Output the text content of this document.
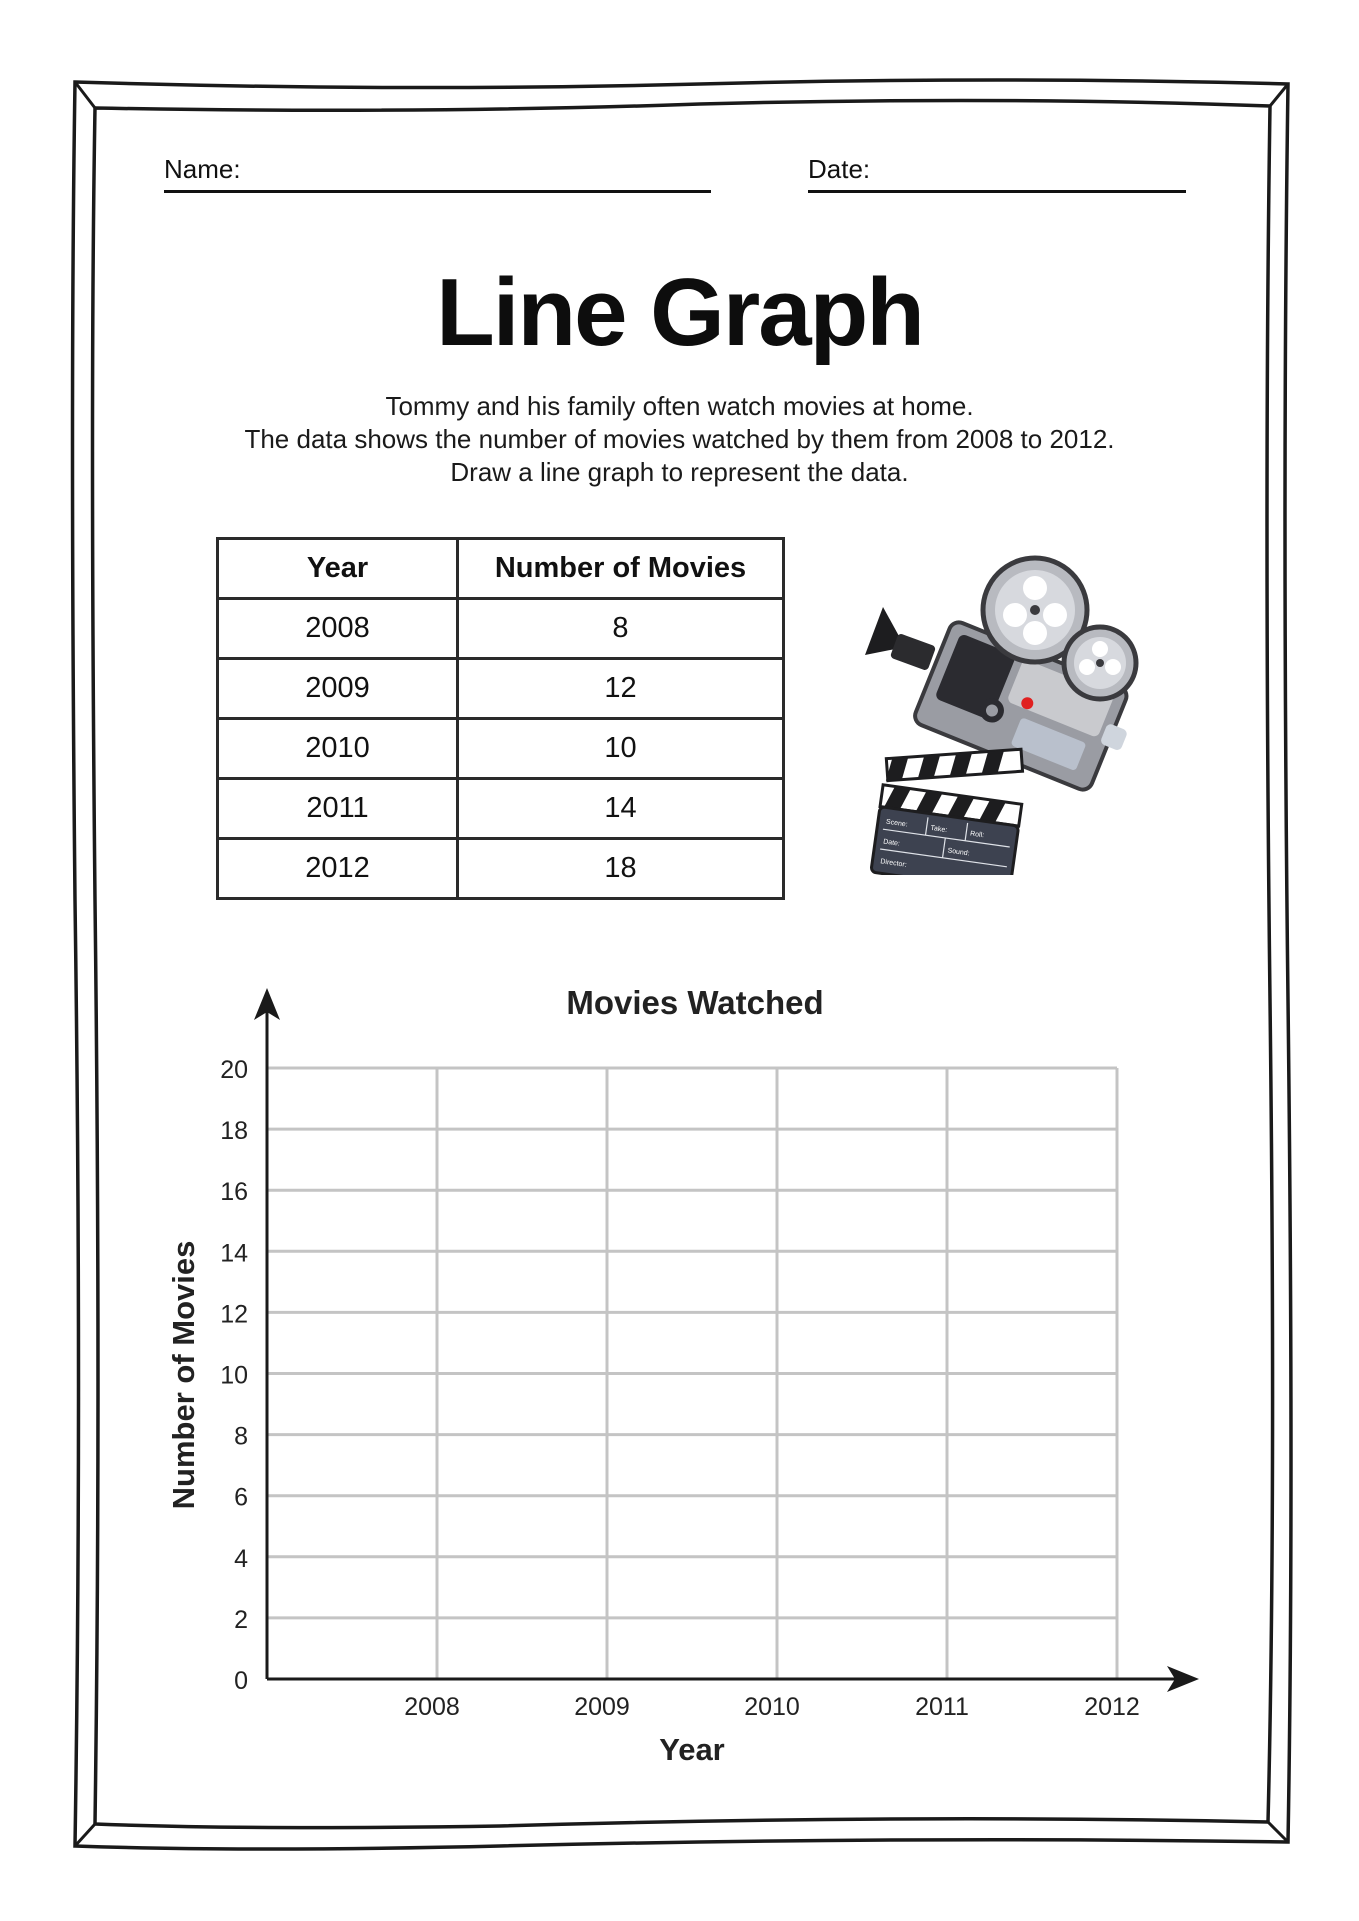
Name:	Date:
Line Graph
Tommy and his family often watch movies at home.
The data shows the number of movies watched by them from 2008 to 2012.
Draw a line graph to represent the data.
Year	Number of Movies
2008	8
2009	12
2010	10
2011	14
2012	18
Scene:
Take:
Roll:
Date:
Sound:
Director:
0
2
4
6
8
10
12
14
16
18
20
2008	2009	2010	2011	2012
Movies Watched
Year
Number of Movies
